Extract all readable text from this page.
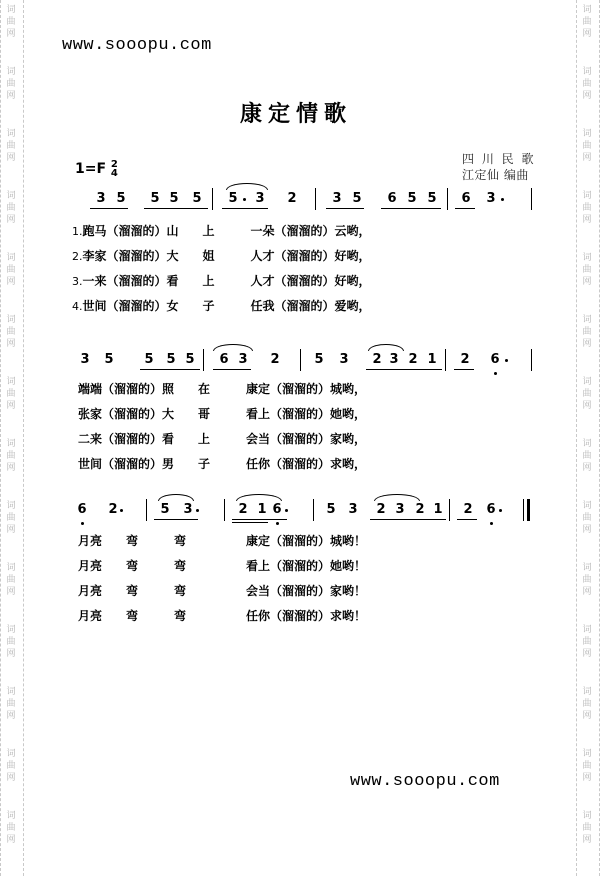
词
曲
网

词
曲
网

词
曲
网

词
曲
网

词
曲
网

词
曲
网

词
曲
网

词
曲
网

词
曲
网

词
曲
网

词
曲
网

词
曲
网

词
曲
网

词
曲
网

词
曲
网

词
曲
网

词
曲
网

词
曲
网

词
曲
网

词
曲
网

词
曲
网

词
曲
网

词
曲
网

词
曲
网

词
曲
网

词
曲
网

词
曲
网

词
曲
网

www.sooopu.com
康定情歌
1=F 2
4
四 川 民 歌
江定仙 编曲
3 5 5 5 5 5 3 2	3 5 6 5 5 6 3
3 5 5 5 5 6 3 2	5 3 2 3 2 1 2 6
6 2	5 3	2 1 6	5 3 2 3 2 1 2 6
1.跑马（溜溜的）山　　上　　　一朵（溜溜的）云哟，
2.李家（溜溜的）大　　姐　　　人才（溜溜的）好哟，
3.一来（溜溜的）看　　上　　　人才（溜溜的）好哟，
4.世间（溜溜的）女　　子　　　任我（溜溜的）爱哟，
端端（溜溜的）照　　在　　　康定（溜溜的）城哟，
张家（溜溜的）大　　哥　　　看上（溜溜的）她哟，
二来（溜溜的）看　　上　　　会当（溜溜的）家哟，
世间（溜溜的）男　　子　　　任你（溜溜的）求哟，
月亮　　弯　　　弯　　　　　康定（溜溜的）城哟！
月亮　　弯　　　弯　　　　　看上（溜溜的）她哟！
月亮　　弯　　　弯　　　　　会当（溜溜的）家哟！
月亮　　弯　　　弯　　　　　任你（溜溜的）求哟！
www.sooopu.com
